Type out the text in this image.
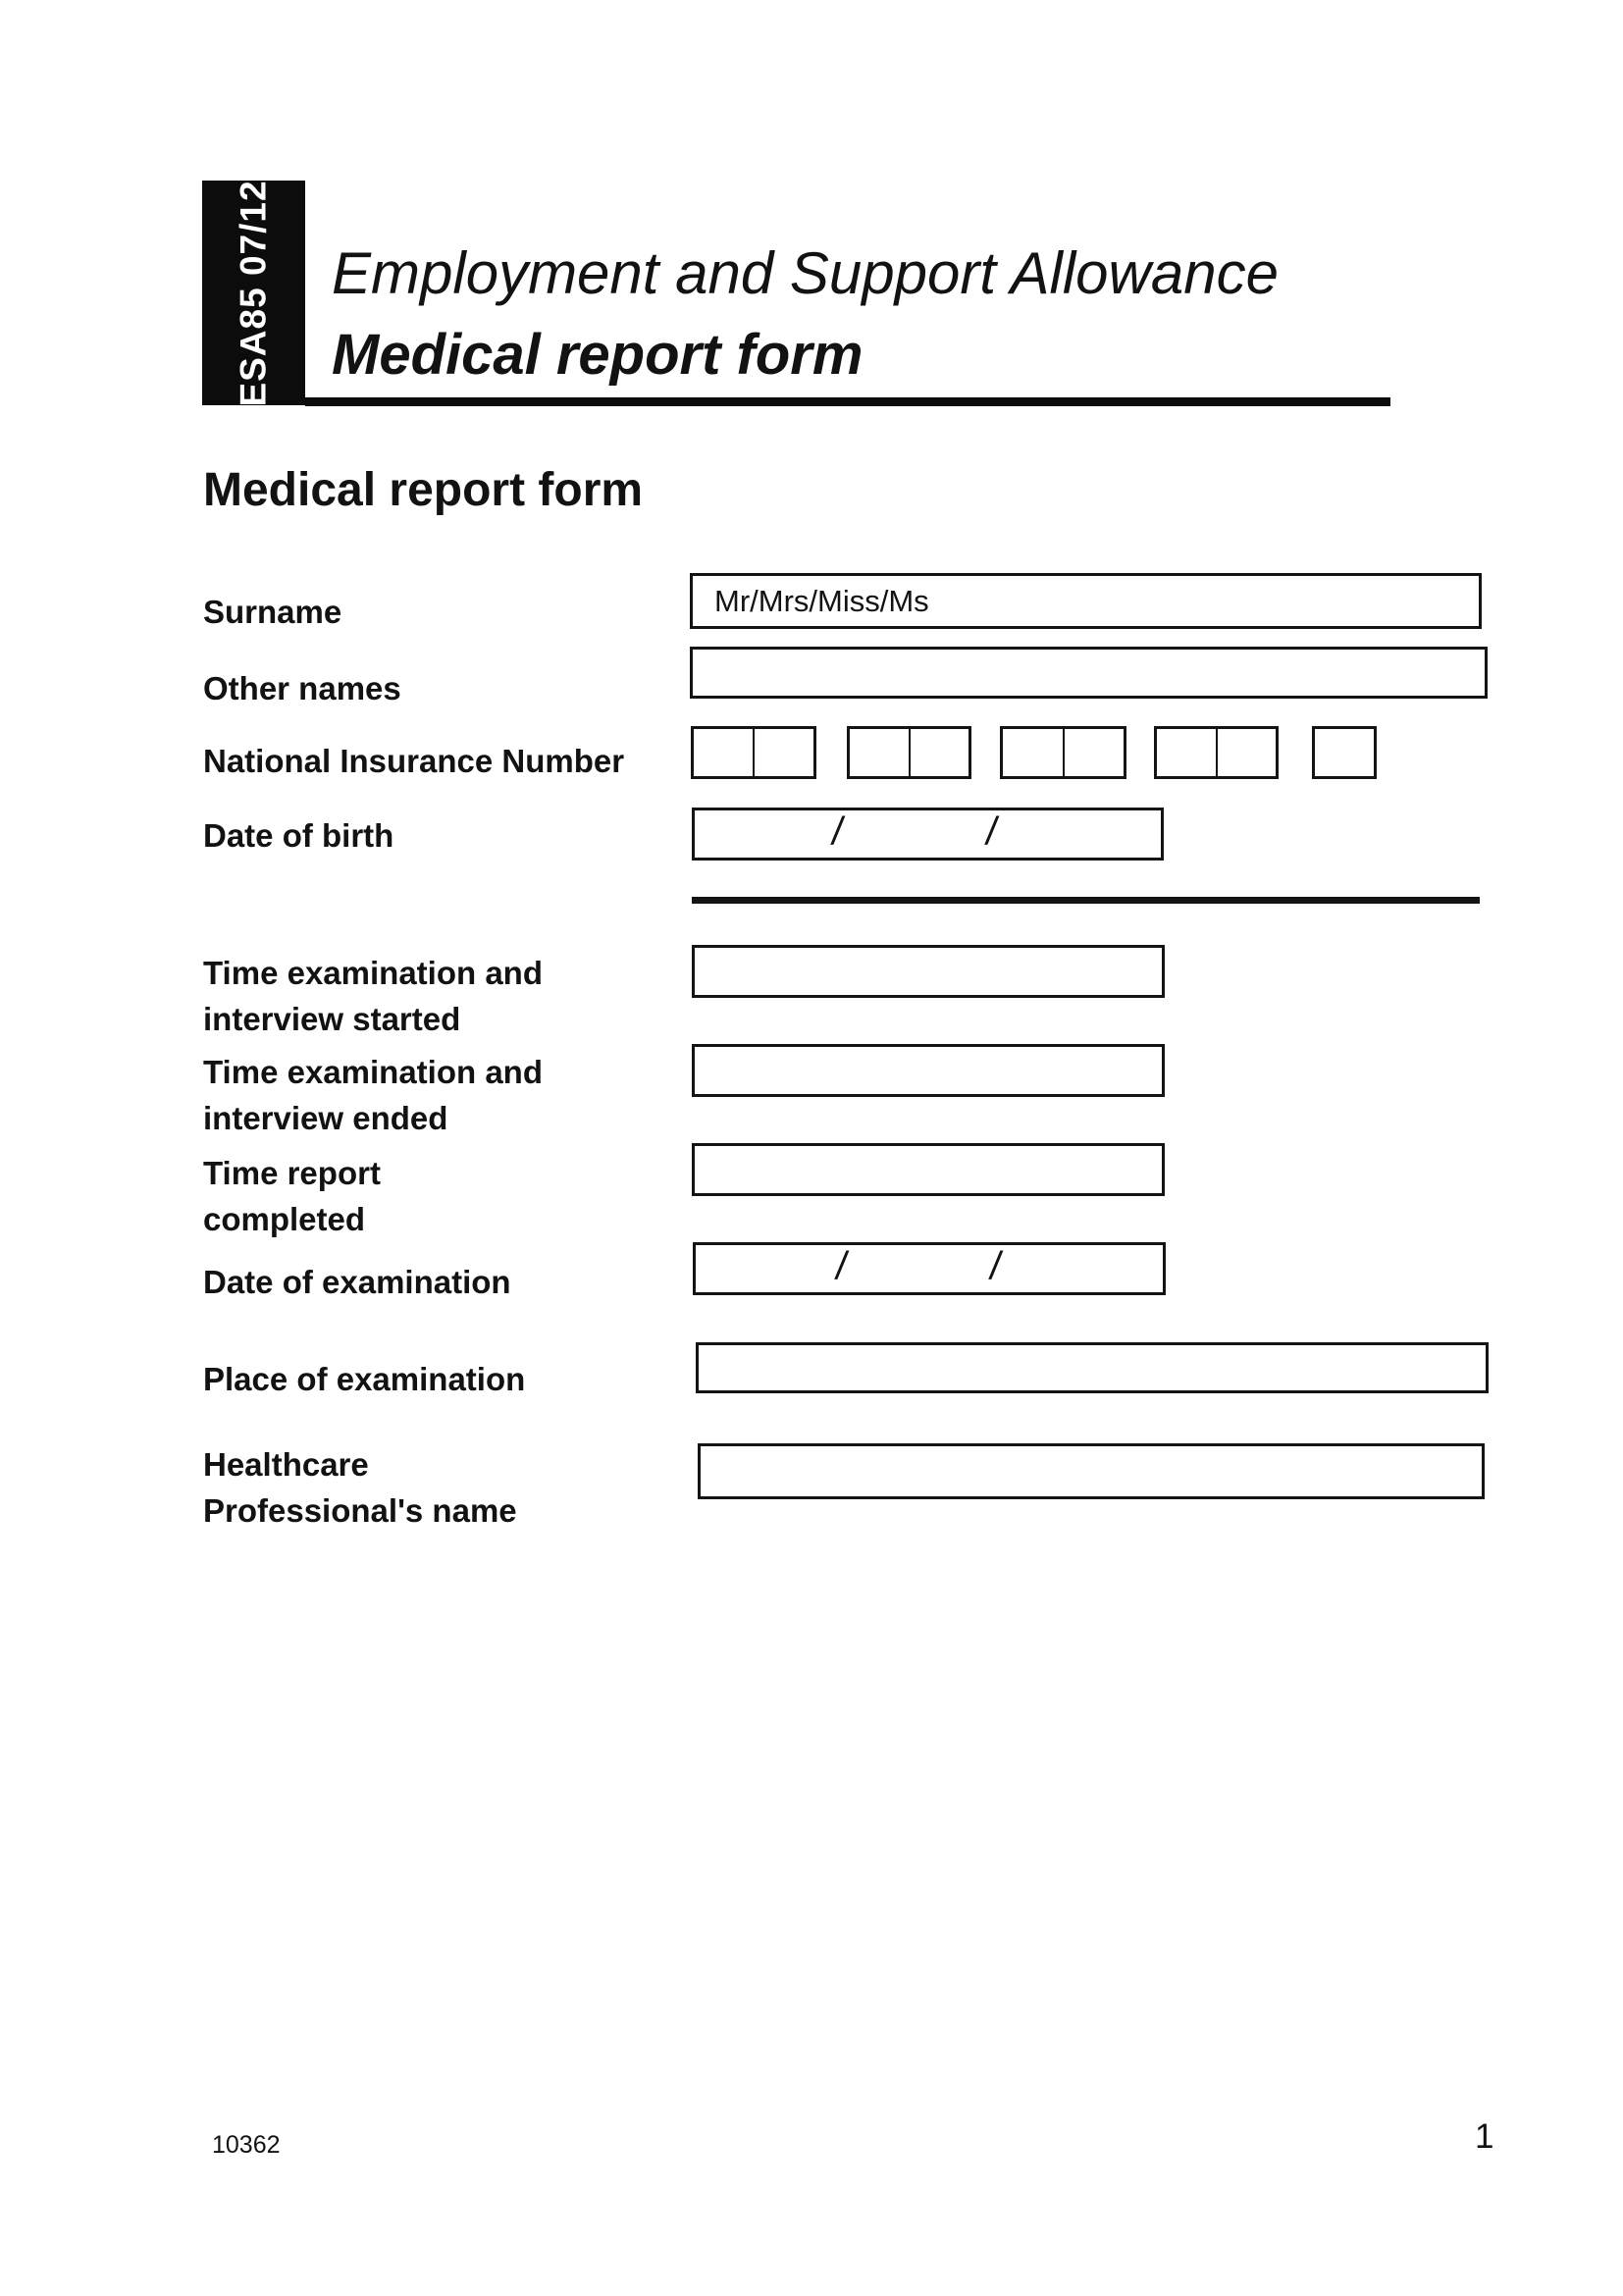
ESA85 07/12 Employment and Support Allowance
Medical report form
Medical report form
Surname	Mr/Mrs/Miss/Ms
Other names
National Insurance Number
Date of birth	/	/
Time examination and
interview started
Time examination and
interview ended
Time report
completed
Date of examination	/	/
Place of examination
Healthcare
Professional's name
10362	1
